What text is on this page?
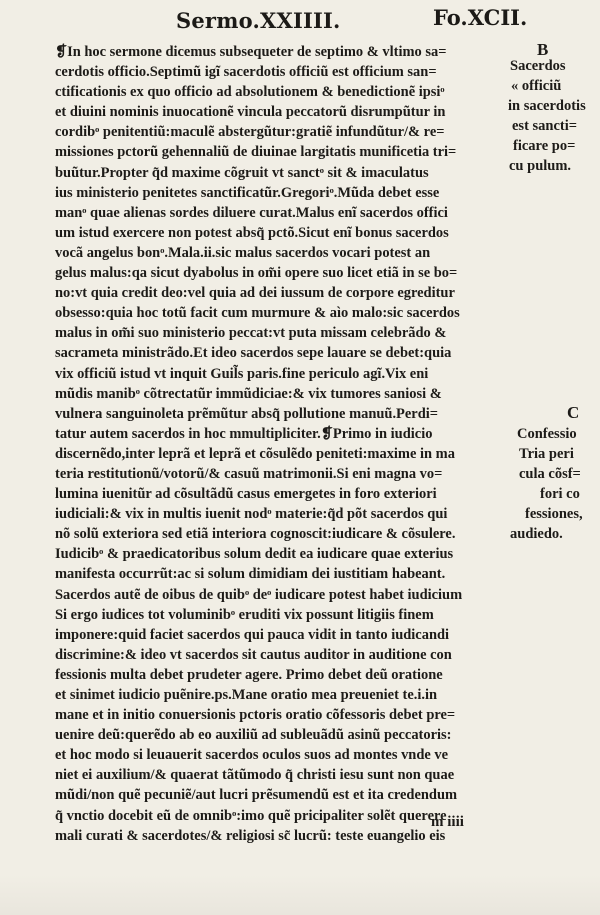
Sermo.XXIIII.	Fo.XCII.
❡In hoc sermone dicemus subsequeter de septimo & vltimo sa=
cerdotis officio.Septimũ igĩ sacerdotis officiũ est officium san=
ctificationis ex quo officio ad absolutionem & benedictionẽ ipsiᵒ
et diuini nominis inuocationẽ vincula peccatorũ disrumpũtur in
cordibᵒ penitentiũ:maculẽ abstergũtur:gratiẽ infundũtur/& re=
missiones pctorũ gehennaliũ de diuinae largitatis munificetia tri=
buũtur.Propter q̃d maxime cõgruit vt sanctᵒ sit & imaculatus
ius ministerio penitetes sanctificatũr.Gregoriᵒ.Mũda debet esse
manᵒ quae alienas sordes diluere curat.Malus enĩ sacerdos offici
um istud exercere non potest absq̃ pctõ.Sicut enĩ bonus sacerdos
vocã angelus bonᵒ.Mala.ii.sic malus sacerdos vocari potest an
gelus malus:qa sicut dyabolus in om̃i opere suo licet etiã in se bo=
no:vt quia credit deo:vel quia ad dei iussum de corpore egreditur
obsesso:quia hoc totũ facit cum murmure & aìo malo:sic sacerdos
malus in om̃i suo ministerio peccat:vt puta missam celebrãdo &
sacrameta ministrãdo.Et ideo sacerdos sepe lauare se debet:quia
vix officiũ istud vt inquit Guil̃s paris.fine periculo agĩ.Vix eni
mũdis manibᵒ cõtrectatũr immũdiciae:& vix tumores saniosi &
vulnera sanguinoleta prẽmũtur absq̃ pollutione manuũ.Perdi=
tatur autem sacerdos in hoc mmultipliciter.❡Primo in iudicio
discernẽdo,inter leprã et leprã et cõsulẽdo peniteti:maxime in ma
teria restitutionũ/votorũ/& casuũ matrimonii.Si eni magna vo=
lumina iuenitũr ad cõsultãdũ casus emergetes in foro exteriori
iudiciali:& vix in multis iuenit nodᵒ materie:q̃d põt sacerdos qui
nõ solũ exteriora sed etiã interiora cognoscit:iudicare & cõsulere.
Iudicibᵒ & praedicatoribus solum dedit ea iudicare quae exterius
manifesta occurrũt:ac si solum dimidiam dei iustitiam habeant.
Sacerdos autẽ de oibus de quibᵒ deᵒ iudicare potest habet iudicium
Si ergo iudices tot voluminibᵒ eruditi vix possunt litigiis finem
imponere:quid faciet sacerdos qui pauca vidit in tanto iudicandi
discrimine:& ideo vt sacerdos sit cautus auditor in auditione con
fessionis multa debet prudeter agere. Primo debet deũ oratione
et sinimet iudicio puẽnire.ps.Mane oratio mea preueniet te.i.in
mane et in initio conuersionis pctoris oratio cõfessoris debet pre=
uenire deũ:querẽdo ab eo auxiliũ ad subleuãdũ asinũ peccatoris:
et hoc modo si leuauerit sacerdos oculos suos ad montes vnde ve
niet ei auxilium/& quaerat tãtũmodo q̃ christi iesu sunt non quae
mũdi/non quẽ pecuniẽ/aut lucri prẽsumendũ est et ita credendum
q̃ vnctio docebit eũ de omnibᵒ:imo quẽ pricipaliter solẽt querere
mali curati & sacerdotes/& religiosi sc̃ lucrũ: teste euangelio eis
B
Sacerdos
« officiũ
in sacerdotis
est sancti=
ficare po=
cu pulum.
C
Confessio
Tria peri
cula cõsf=
fori co
fessiones,
audiedo.
m iiii
